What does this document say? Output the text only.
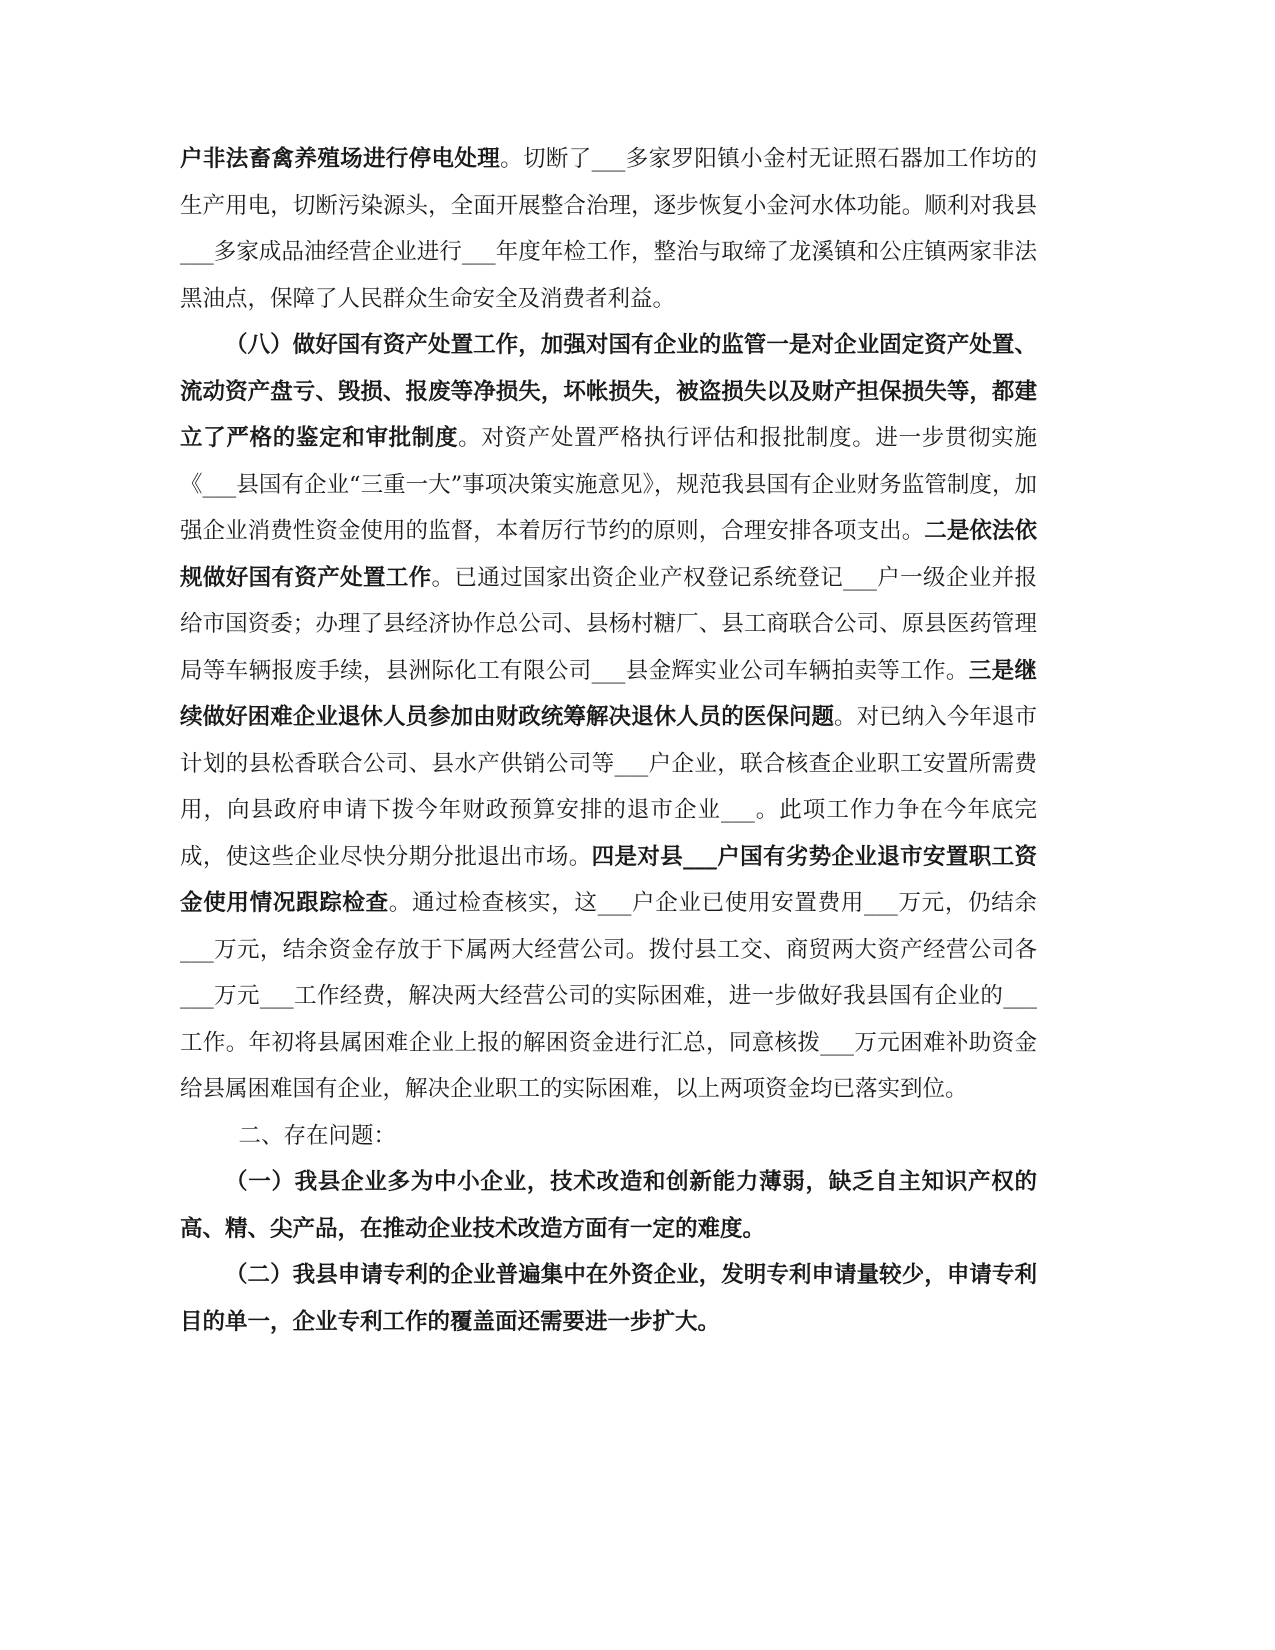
户非法畜禽养殖场进行停电处理。切断了___多家罗阳镇小金村无证照石器加工作坊的生产用电，切断污染源头，全面开展整合治理，逐步恢复小金河水体功能。顺利对我县___多家成品油经营企业进行___年度年检工作，整治与取缔了龙溪镇和公庄镇两家非法黑油点，保障了人民群众生命安全及消费者利益。

（八）做好国有资产处置工作，加强对国有企业的监管一是对企业固定资产处置、流动资产盘亏、毁损、报废等净损失，坏帐损失，被盗损失以及财产担保损失等，都建立了严格的鉴定和审批制度。对资产处置严格执行评估和报批制度。进一步贯彻实施《___县国有企业“三重一大”事项决策实施意见》，规范我县国有企业财务监管制度，加强企业消费性资金使用的监督，本着厉行节约的原则，合理安排各项支出。二是依法依规做好国有资产处置工作。已通过国家出资企业产权登记系统登记___户一级企业并报给市国资委；办理了县经济协作总公司、县杨村糖厂、县工商联合公司、原县医药管理局等车辆报废手续，县洲际化工有限公司___县金辉实业公司车辆拍卖等工作。三是继续做好困难企业退休人员参加由财政统筹解决退休人员的医保问题。对已纳入今年退市计划的县松香联合公司、县水产供销公司等___户企业，联合核查企业职工安置所需费用，向县政府申请下拨今年财政预算安排的退市企业___。此项工作力争在今年底完成，使这些企业尽快分期分批退出市场。四是对县___户国有劣势企业退市安置职工资金使用情况跟踪检查。通过检查核实，这___户企业已使用安置费用___万元，仍结余___万元，结余资金存放于下属两大经营公司。拨付县工交、商贸两大资产经营公司各___万元___工作经费，解决两大经营公司的实际困难，进一步做好我县国有企业的___工作。年初将县属困难企业上报的解困资金进行汇总，同意核拨___万元困难补助资金给县属困难国有企业，解决企业职工的实际困难，以上两项资金均已落实到位。

二、存在问题：

（一）我县企业多为中小企业，技术改造和创新能力薄弱，缺乏自主知识产权的高、精、尖产品，在推动企业技术改造方面有一定的难度。

（二）我县申请专利的企业普遍集中在外资企业，发明专利申请量较少，申请专利目的单一，企业专利工作的覆盖面还需要进一步扩大。
